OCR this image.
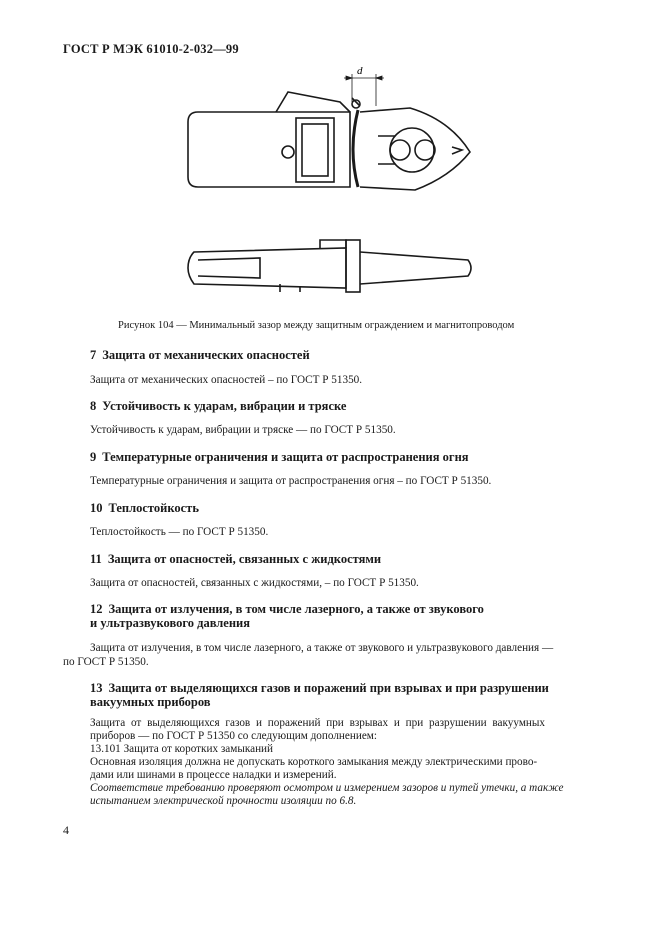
ГОСТ Р МЭК 61010-2-032—99
d
Рисунок 104 — Минимальный зазор между защитным ограждением и магнитопроводом
7 Защита от механических опасностей
Защита от механических опасностей – по ГОСТ Р 51350.
8 Устойчивость к ударам, вибрации и тряске
Устойчивость к ударам, вибрации и тряске — по ГОСТ Р 51350.
9 Температурные ограничения и защита от распространения огня
Температурные ограничения и защита от распространения огня – по ГОСТ Р 51350.
10 Теплостойкость
Теплостойкость — по ГОСТ Р 51350.
11 Защита от опасностей, связанных с жидкостями
Защита от опасностей, связанных с жидкостями, – по ГОСТ Р 51350.
12 Защита от излучения, в том числе лазерного, а также от звукового
и ультразвукового давления
Защита от излучения, в том числе лазерного, а также от звукового и ультразвукового давления —
по ГОСТ Р 51350.
13 Защита от выделяющихся газов и поражений при взрывах и при разрушении
вакуумных приборов
Защита от выделяющихся газов и поражений при взрывах и при разрушении вакуумных
приборов — по ГОСТ Р 51350 со следующим дополнением:
13.101 Защита от коротких замыканий
Основная изоляция должна не допускать короткого замыкания между электрическими прово-
дами или шинами в процессе наладки и измерений.
Соответствие требованию проверяют осмотром и измерением зазоров и путей утечки, а также
испытанием электрической прочности изоляции по 6.8.
4
